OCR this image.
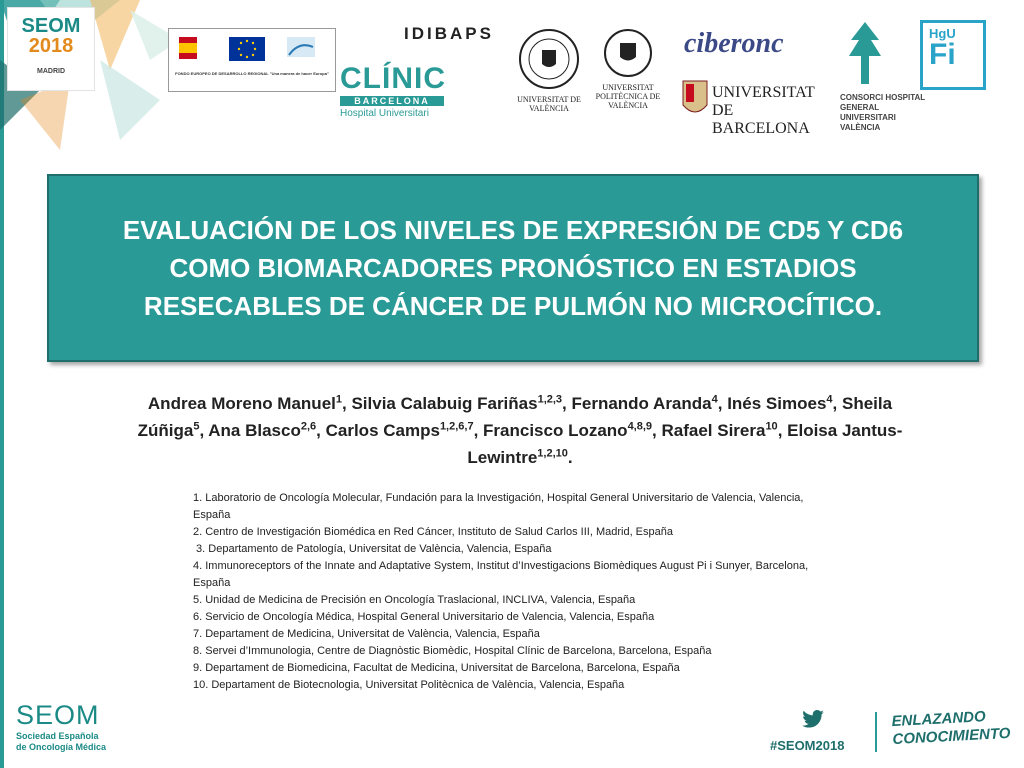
SEOM
2018
MADRID	FONDO EUROPEO DE DESARROLLO REGIONAL "Una manera de hacer Europa"
IDIBAPS
CLÍNIC
BARCELONA
Hospital Universitari
UNIVERSITAT DE VALÈNCIA
UNIVERSITAT POLITÈCNICA DE VALÈNCIA
ciberonc
UNIVERSITAT DE BARCELONA
CONSORCI HOSPITAL GENERAL UNIVERSITARI VALÈNCIA
HgU
Fi
EVALUACIÓN DE LOS NIVELES DE EXPRESIÓN DE CD5 Y CD6 COMO BIOMARCADORES PRONÓSTICO EN ESTADIOS RESECABLES DE CÁNCER DE PULMÓN NO MICROCÍTICO.
Andrea Moreno Manuel$^1$, Silvia Calabuig Fariñas$^{1,2,3}$, Fernando Aranda$^4$, Inés Simoes$^4$, Sheila Zúñiga$^5$, Ana Blasco$^{2,6}$, Carlos Camps$^{1,2,6,7}$, Francisco Lozano$^{4,8,9}$, Rafael Sirera$^{10}$, Eloisa Jantus-Lewintre$^{1,2,10}$.
1. Laboratorio de Oncología Molecular, Fundación para la Investigación, Hospital General Universitario de Valencia, Valencia, España
2. Centro de Investigación Biomédica en Red Cáncer, Instituto de Salud Carlos III, Madrid, España
3. Departamento de Patología, Universitat de València, Valencia, España
4. Immunoreceptors of the Innate and Adaptative System, Institut d’Investigacions Biomèdiques August Pi i Sunyer, Barcelona, España
5. Unidad de Medicina de Precisión en Oncología Traslacional, INCLIVA, Valencia, España
6. Servicio de Oncología Médica, Hospital General Universitario de Valencia, Valencia, España
7. Departament de Medicina, Universitat de València, Valencia, España
8. Servei d’Immunologia, Centre de Diagnòstic Biomèdic, Hospital Clínic de Barcelona, Barcelona, España
9. Departament de Biomedicina, Facultat de Medicina, Universitat de Barcelona, Barcelona, España
10. Departament de Biotecnologia, Universitat Politècnica de València, Valencia, España
SEOM
Sociedad Española
de Oncología Médica	#SEOM2018
ENLAZANDO
CONOCIMIENTO
